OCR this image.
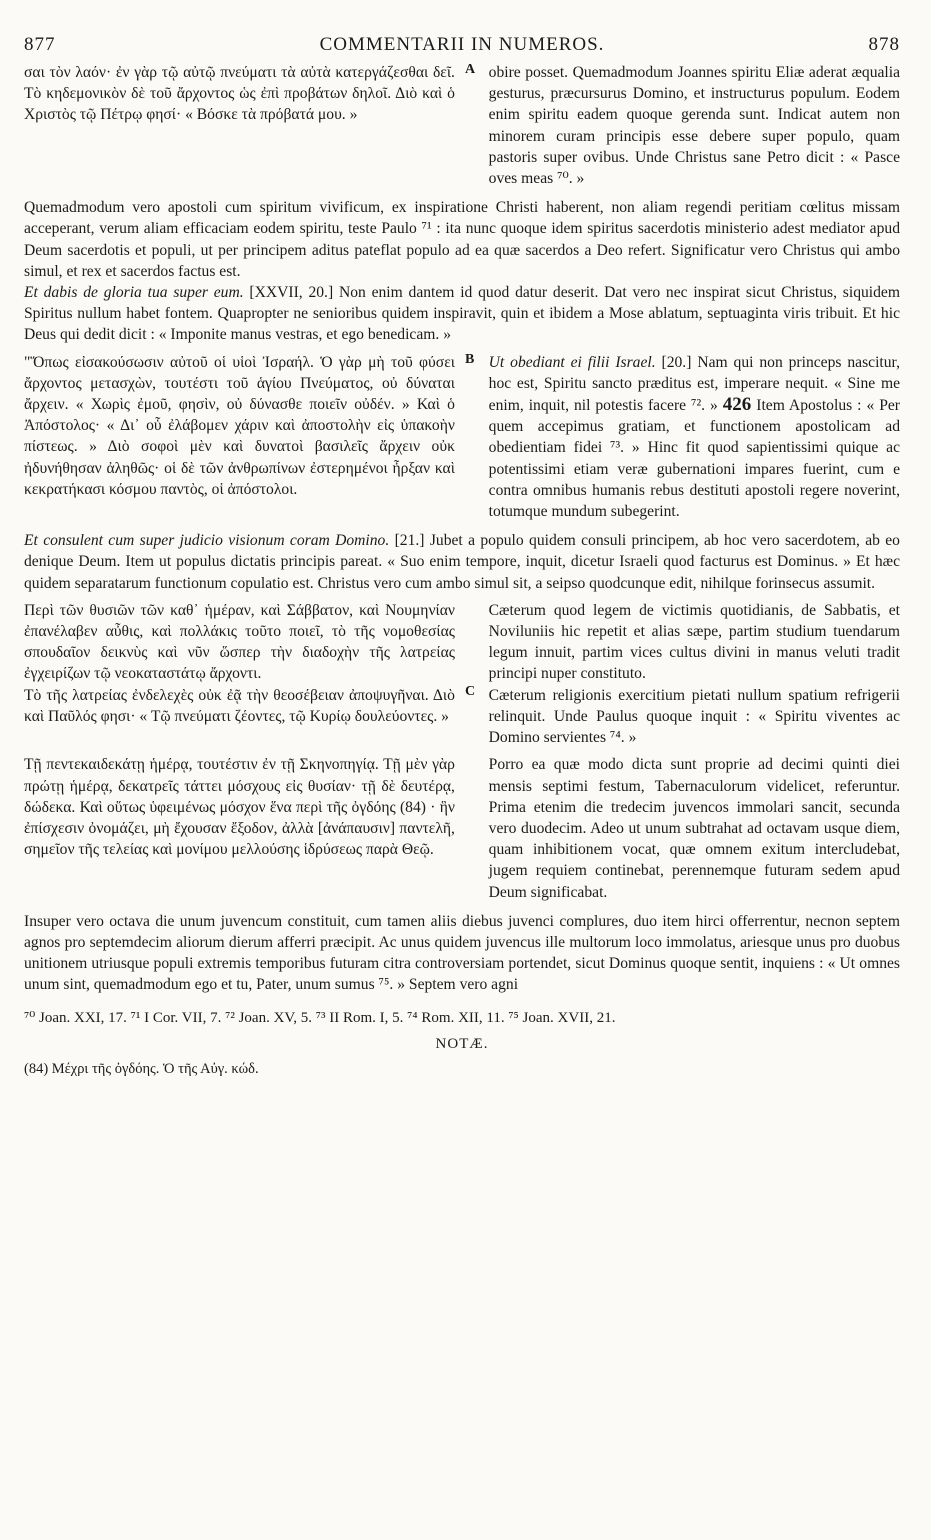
877	COMMENTARII IN NUMEROS.	878

σαι τὸν λαόν· ἐν γὰρ τῷ αὐτῷ πνεύματι τὰ αὐτὰ κατεργάζεσθαι δεῖ. Τὸ κηδεμονικὸν δὲ τοῦ ἄρχοντος ὡς ἐπὶ προβάτων δηλοῖ. Διὸ καὶ ὁ Χριστὸς τῷ Πέτρῳ φησί· « Βόσκε τὰ πρόβατά μου. »

A obire posset. Quemadmodum Joannes spiritu Eliæ aderat æqualia gesturus, præcursurus Domino, et instructurus populum. Eodem enim spiritu eadem quoque gerenda sunt. Indicat autem non minorem curam principis esse debere super populo, quam pastoris super ovibus. Unde Christus sane Petro dicit : « Pasce oves meas ⁷⁰. »

Quemadmodum vero apostoli cum spiritum vivificum, ex inspiratione Christi haberent, non aliam regendi peritiam cœlitus missam acceperant, verum aliam efficaciam eodem spiritu, teste Paulo ⁷¹ : ita nunc quoque idem spiritus sacerdotis ministerio adest mediator apud Deum sacerdotis et populi, ut per principem aditus pateflat populo ad ea quæ sacerdos a Deo refert. Significatur vero Christus qui ambo simul, et rex et sacerdos factus est.

Et dabis de gloria tua super eum. [XXVII, 20.] Non enim dantem id quod datur deserit. Dat vero nec inspirat sicut Christus, siquidem Spiritus nullum habet fontem. Quapropter ne senioribus quidem inspiravit, quin et ibidem a Mose ablatum, septuaginta viris tribuit. Et hic Deus qui dedit dicit : « Imponite manus vestras, et ego benedicam. »

"Ὅπως εἰσακούσωσιν αὐτοῦ οἱ υἱοὶ Ἰσραήλ. Ὁ γὰρ μὴ τοῦ φύσει ἄρχοντος μετασχὼν, τουτέστι τοῦ ἁγίου Πνεύματος, οὐ δύναται ἄρχειν. « Χωρὶς ἐμοῦ, φησὶν, οὐ δύνασθε ποιεῖν οὐδέν. » Καὶ ὁ Ἀπόστολος· « Δι᾽ οὗ ἐλάβομεν χάριν καὶ ἀποστολὴν εἰς ὑπακοὴν πίστεως. » Διὸ σοφοὶ μὲν καὶ δυνατοὶ βασιλεῖς ἄρχειν οὐκ ἠδυνήθησαν ἀληθῶς· οἱ δὲ τῶν ἀνθρωπίνων ἐστερημένοι ἦρξαν καὶ κεκρατήκασι κόσμου παντὸς, οἱ ἀπόστολοι.

B Ut obediant ei filii Israel. [20.] Nam qui non princeps nascitur, hoc est, Spiritu sancto præditus est, imperare nequit. « Sine me enim, inquit, nil potestis facere ⁷². » 426 Item Apostolus : « Per quem accepimus gratiam, et functionem apostolicam ad obedientiam fidei ⁷³. » Hinc fit quod sapientissimi quique ac potentissimi etiam veræ gubernationi impares fuerint, cum e contra omnibus humanis rebus destituti apostoli regere noverint, totumque mundum subegerint.

Et consulent cum super judicio visionum coram Domino. [21.] Jubet a populo quidem consuli principem, ab hoc vero sacerdotem, ab eo denique Deum. Item ut populus dictatis principis pareat. « Suo enim tempore, inquit, dicetur Israeli quod facturus est Dominus. » Et hæc quidem separatarum functionum copulatio est. Christus vero cum ambo simul sit, a seipso quodcunque edit, nihilque forinsecus assumit.

Περὶ τῶν θυσιῶν τῶν καθ᾽ ἡμέραν, καὶ Σάββατον, καὶ Νουμηνίαν ἐπανέλαβεν αὖθις, καὶ πολλάκις τοῦτο ποιεῖ, τὸ τῆς νομοθεσίας σπουδαῖον δεικνὺς καὶ νῦν ὥσπερ τὴν διαδοχὴν τῆς λατρείας ἐγχειρίζων τῷ νεοκαταστάτῳ ἄρχοντι.

Τὸ τῆς λατρείας ἐνδελεχὲς οὐκ ἐᾷ τὴν θεοσέβειαν ἀποψυγῆναι. Διὸ καὶ Παῦλός φησι· « Τῷ πνεύματι ζέοντες, τῷ Κυρίῳ δουλεύοντες. »

C

Cæterum quod legem de victimis quotidianis, de Sabbatis, et Noviluniis hic repetit et alias sæpe, partim studium tuendarum legum innuit, partim vices cultus divini in manus veluti tradit principi nuper constituto.

Cæterum religionis exercitium pietati nullum spatium refrigerii relinquit. Unde Paulus quoque inquit : « Spiritu viventes ac Domino servientes ⁷⁴. »

Τῇ πεντεκαιδεκάτῃ ἡμέρᾳ, τουτέστιν ἐν τῇ Σκηνοπηγίᾳ. Τῇ μὲν γὰρ πρώτῃ ἡμέρᾳ, δεκατρεῖς τάττει μόσχους εἰς θυσίαν· τῇ δὲ δευτέρᾳ, δώδεκα. Καὶ οὕτως ὑφειμένως μόσχον ἕνα περὶ τῆς ὀγδόης (84) · ἣν ἐπίσχεσιν ὀνομάζει, μὴ ἔχουσαν ἔξοδον, ἀλλὰ [ἀνάπαυσιν] παντελῆ, σημεῖον τῆς τελείας καὶ μονίμου μελλούσης ἱδρύσεως παρὰ Θεῷ.

Porro ea quæ modo dicta sunt proprie ad decimi quinti diei mensis septimi festum, Tabernaculorum videlicet, referuntur. Prima etenim die tredecim juvencos immolari sancit, secunda vero duodecim. Adeo ut unum subtrahat ad octavam usque diem, quam inhibitionem vocat, quæ omnem exitum intercludebat, jugem requiem continebat, perennemque futuram sedem apud Deum significabat.

Insuper vero octava die unum juvencum constituit, cum tamen aliis diebus juvenci complures, duo item hirci offerrentur, necnon septem agnos pro septemdecim aliorum dierum afferri præcipit. Ac unus quidem juvencus ille multorum loco immolatus, ariesque unus pro duobus unitionem utriusque populi extremis temporibus futuram citra controversiam portendet, sicut Dominus quoque sentit, inquiens : « Ut omnes unum sint, quemadmodum ego et tu, Pater, unum sumus ⁷⁵. » Septem vero agni

⁷⁰ Joan. XXI, 17. ⁷¹ I Cor. VII, 7. ⁷² Joan. XV, 5. ⁷³ II Rom. I, 5. ⁷⁴ Rom. XII, 11. ⁷⁵ Joan. XVII, 21.

NOTÆ.

(84) Μέχρι τῆς ὀγδόης. Ὁ τῆς Αὐγ. κώδ.
